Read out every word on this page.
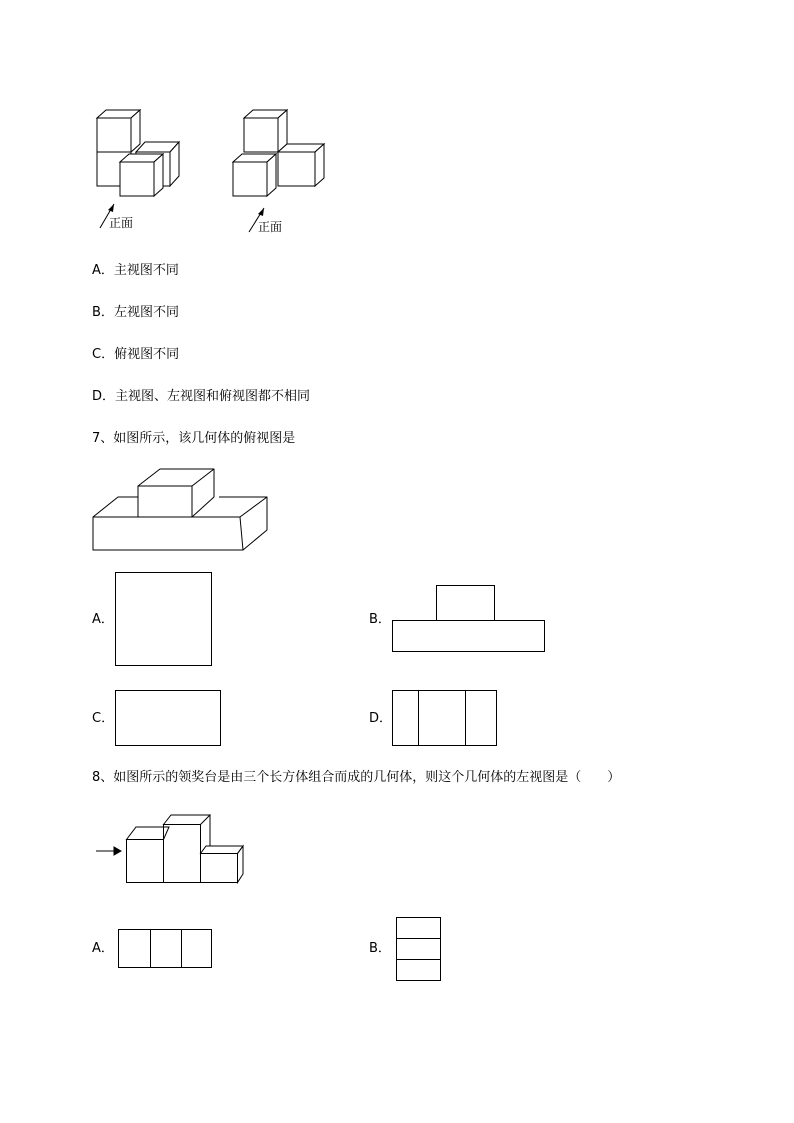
正面	正面
A．主视图不同
B．左视图不同
C．俯视图不同
D．主视图、左视图和俯视图都不相同
7、如图所示，该几何体的俯视图是
A．	B．
C．	D．
8、如图所示的领奖台是由三个长方体组合而成的几何体，则这个几何体的左视图是（　　）
A．	B．
